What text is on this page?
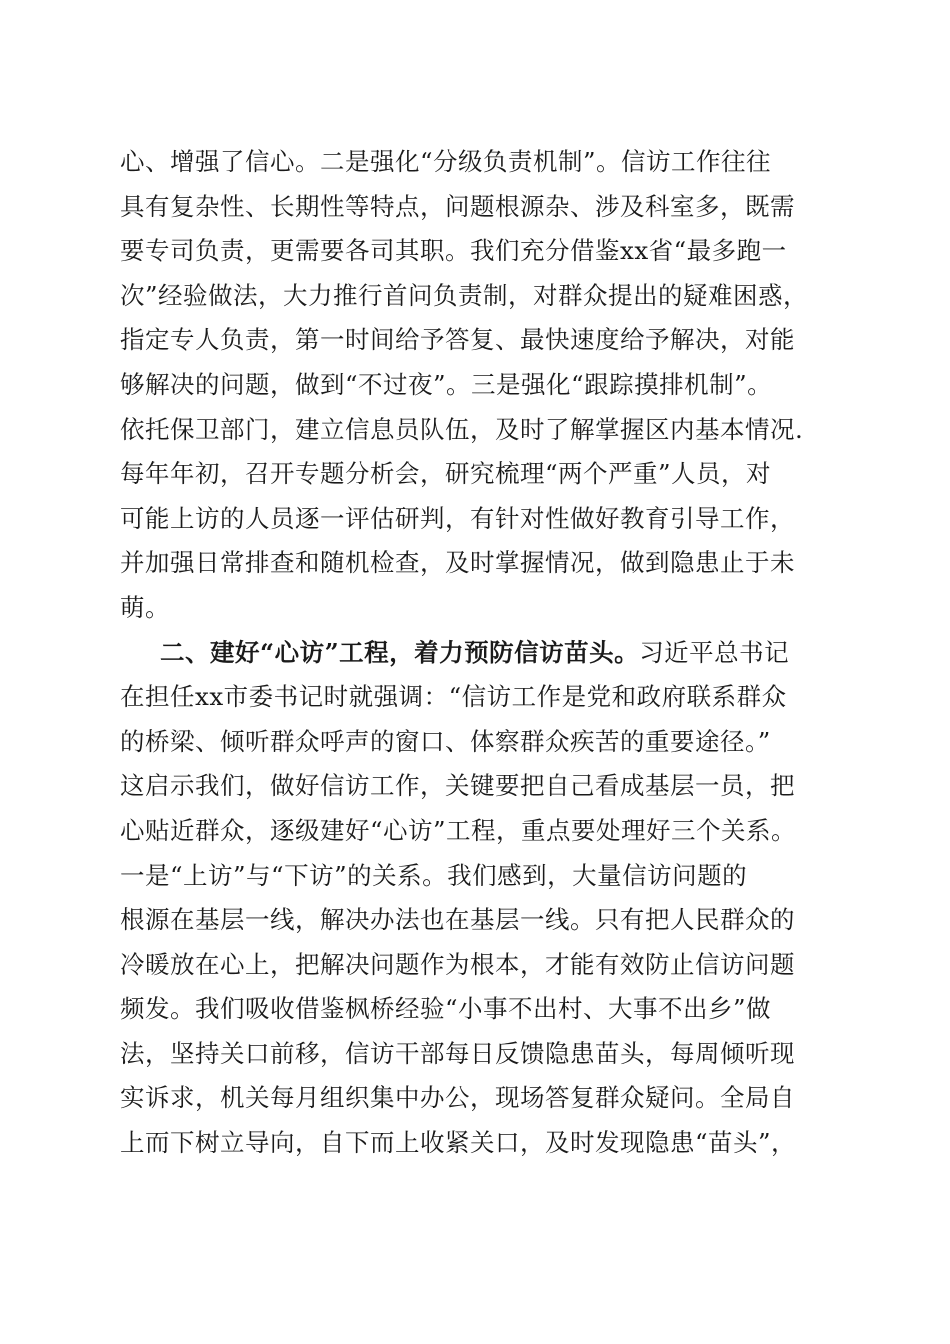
心、增强了信心。二是强化“分级负责机制”。信访工作往往
具有复杂性、长期性等特点，问题根源杂、涉及科室多，既需
要专司负责，更需要各司其职。我们充分借鉴xx省“最多跑一
次”经验做法，大力推行首问负责制，对群众提出的疑难困惑，
指定专人负责，第一时间给予答复、最快速度给予解决，对能
够解决的问题，做到“不过夜”。三是强化“跟踪摸排机制”。
依托保卫部门，建立信息员队伍，及时了解掌握区内基本情况.
每年年初，召开专题分析会，研究梳理“两个严重”人员，对
可能上访的人员逐一评估研判，有针对性做好教育引导工作，
并加强日常排查和随机检查，及时掌握情况，做到隐患止于未
萌。
二、建好“心访”工程，着力预防信访苗头。习近平总书记
在担任xx市委书记时就强调：“信访工作是党和政府联系群众
的桥梁、倾听群众呼声的窗口、体察群众疾苦的重要途径。”
这启示我们，做好信访工作，关键要把自己看成基层一员，把
心贴近群众，逐级建好“心访”工程，重点要处理好三个关系。
一是“上访”与“下访”的关系。我们感到，大量信访问题的
根源在基层一线，解决办法也在基层一线。只有把人民群众的
冷暖放在心上，把解决问题作为根本，才能有效防止信访问题
频发。我们吸收借鉴枫桥经验“小事不出村、大事不出乡”做
法，坚持关口前移，信访干部每日反馈隐患苗头，每周倾听现
实诉求，机关每月组织集中办公，现场答复群众疑问。全局自
上而下树立导向，自下而上收紧关口，及时发现隐患“苗头”，
